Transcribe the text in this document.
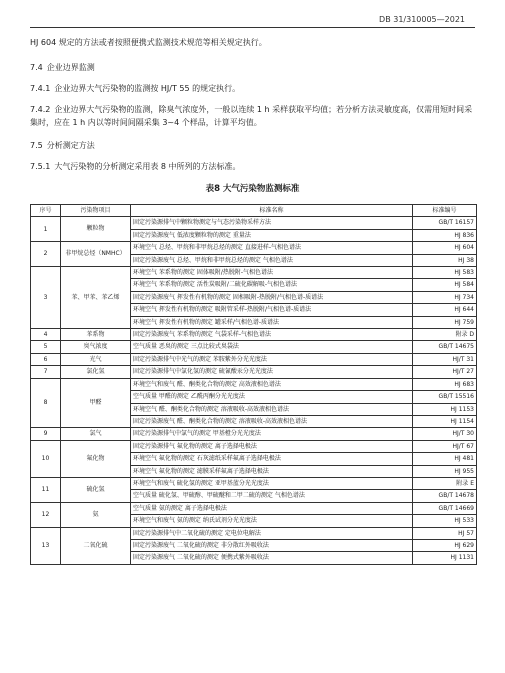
DB 31/310005—2021
HJ 604 规定的方法或者按照便携式监测技术规范等相关规定执行。
7.4 企业边界监测
7.4.1 企业边界大气污染物的监测按 HJ/T 55 的规定执行。
7.4.2 企业边界大气污染物的监测，除臭气浓度外，一般以连续 1 h 采样获取平均值；若分析方法灵敏度高，仅需用短时间采集时，应在 1 h 内以等时间间隔采集 3~4 个样品，计算平均值。
7.5 分析测定方法
7.5.1 大气污染物的分析测定采用表 8 中所列的方法标准。
表8 大气污染物监测标准
序号	污染物项目	标准名称	标准编号
1	颗粒物	固定污染源排气中颗粒物测定与气态污染物采样方法	GB/T 16157
		固定污染源废气 低浓度颗粒物的测定 重量法	HJ 836
2	非甲烷总烃（NMHC）	环境空气 总烃、甲烷和非甲烷总烃的测定 直接进样-气相色谱法	HJ 604
		固定污染源废气 总烃、甲烷和非甲烷总烃的测定 气相色谱法	HJ 38
3	苯、甲苯、苯乙烯	环境空气 苯系物的测定 固体吸附/热脱附-气相色谱法	HJ 583
		环境空气 苯系物的测定 活性炭吸附/二硫化碳解吸-气相色谱法	HJ 584
		固定污染源废气 挥发性有机物的测定 固相吸附-热脱附/气相色谱-质谱法	HJ 734
		环境空气 挥发性有机物的测定 吸附管采样-热脱附/气相色谱-质谱法	HJ 644
		环境空气 挥发性有机物的测定 罐采样/气相色谱-质谱法	HJ 759
4	苯系物	固定污染源废气 苯系物的测定 气袋采样-气相色谱法	附录 D
5	臭气浓度	空气质量 恶臭的测定 三点比较式臭袋法	GB/T 14675
6	光气	固定污染源排气中光气的测定 苯胺紫外分光光度法	HJ/T 31
7	氯化氢	固定污染源排气中氯化氢的测定 硫氰酸汞分光光度法	HJ/T 27
8	甲醛	环境空气和废气 醛、酮类化合物的测定 高效液相色谱法	HJ 683
		空气质量 甲醛的测定 乙酰丙酮分光光度法	GB/T 15516
		环境空气 醛、酮类化合物的测定 溶液吸收-高效液相色谱法	HJ 1153
		固定污染源废气 醛、酮类化合物的测定 溶液吸收-高效液相色谱法	HJ 1154
9	氯气	固定污染源排气中氯气的测定 甲基橙分光光度法	HJ/T 30
10	氟化物	固定污染源排气 氟化物的测定 离子选择电极法	HJ/T 67
		环境空气 氟化物的测定 石灰滤纸采样氟离子选择电极法	HJ 481
		环境空气 氟化物的测定 滤膜采样氟离子选择电极法	HJ 955
11	硫化氢	环境空气和废气 硫化氢的测定 亚甲基蓝分光光度法	附录 E
		空气质量 硫化氢、甲硫醇、甲硫醚和二甲二硫的测定 气相色谱法	GB/T 14678
12	氨	空气质量 氨的测定 离子选择电极法	GB/T 14669
		环境空气和废气 氨的测定 纳氏试剂分光光度法	HJ 533
13	二氧化硫	固定污染源排气中二氧化硫的测定 定电位电解法	HJ 57
		固定污染源废气 二氧化硫的测定 非分散红外吸收法	HJ 629
		固定污染源废气 二氧化硫的测定 便携式紫外吸收法	HJ 1131
